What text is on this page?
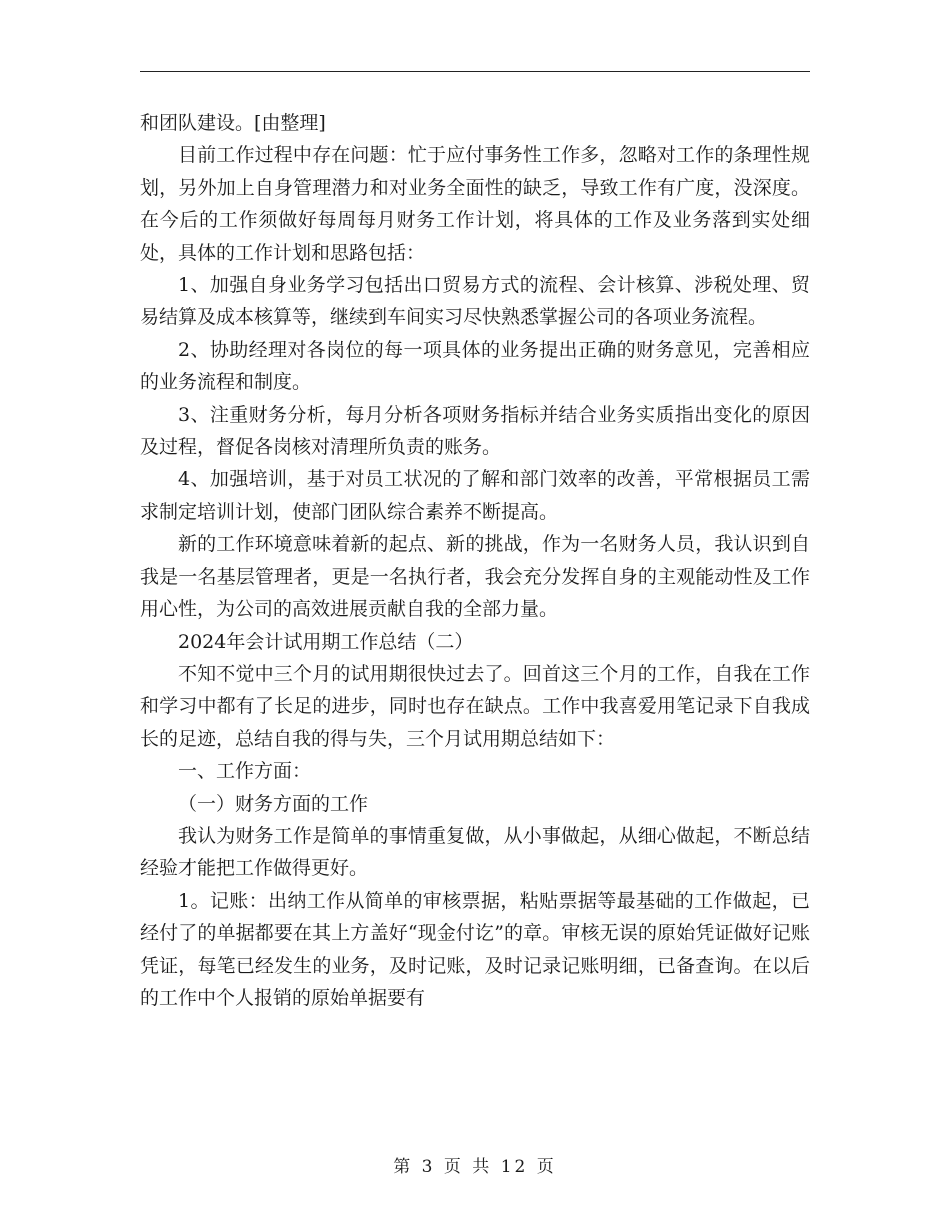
和团队建设。[由整理]

目前工作过程中存在问题：忙于应付事务性工作多，忽略对工作的条理性规划，另外加上自身管理潜力和对业务全面性的缺乏，导致工作有广度，没深度。在今后的工作须做好每周每月财务工作计划，将具体的工作及业务落到实处细处，具体的工作计划和思路包括：

1、加强自身业务学习包括出口贸易方式的流程、会计核算、涉税处理、贸易结算及成本核算等，继续到车间实习尽快熟悉掌握公司的各项业务流程。

2、协助经理对各岗位的每一项具体的业务提出正确的财务意见，完善相应的业务流程和制度。

3、注重财务分析，每月分析各项财务指标并结合业务实质指出变化的原因及过程，督促各岗核对清理所负责的账务。

4、加强培训，基于对员工状况的了解和部门效率的改善，平常根据员工需求制定培训计划，使部门团队综合素养不断提高。

新的工作环境意味着新的起点、新的挑战，作为一名财务人员，我认识到自我是一名基层管理者，更是一名执行者，我会充分发挥自身的主观能动性及工作用心性，为公司的高效进展贡献自我的全部力量。

2024年会计试用期工作总结（二）

不知不觉中三个月的试用期很快过去了。回首这三个月的工作，自我在工作和学习中都有了长足的进步，同时也存在缺点。工作中我喜爱用笔记录下自我成长的足迹，总结自我的得与失，三个月试用期总结如下：

一、工作方面：

（一）财务方面的工作

我认为财务工作是简单的事情重复做，从小事做起，从细心做起，不断总结经验才能把工作做得更好。

1。记账：出纳工作从简单的审核票据，粘贴票据等最基础的工作做起，已经付了的单据都要在其上方盖好“现金付讫”的章。审核无误的原始凭证做好记账凭证，每笔已经发生的业务，及时记账，及时记录记账明细，已备查询。在以后的工作中个人报销的原始单据要有

第 3 页 共 12 页
